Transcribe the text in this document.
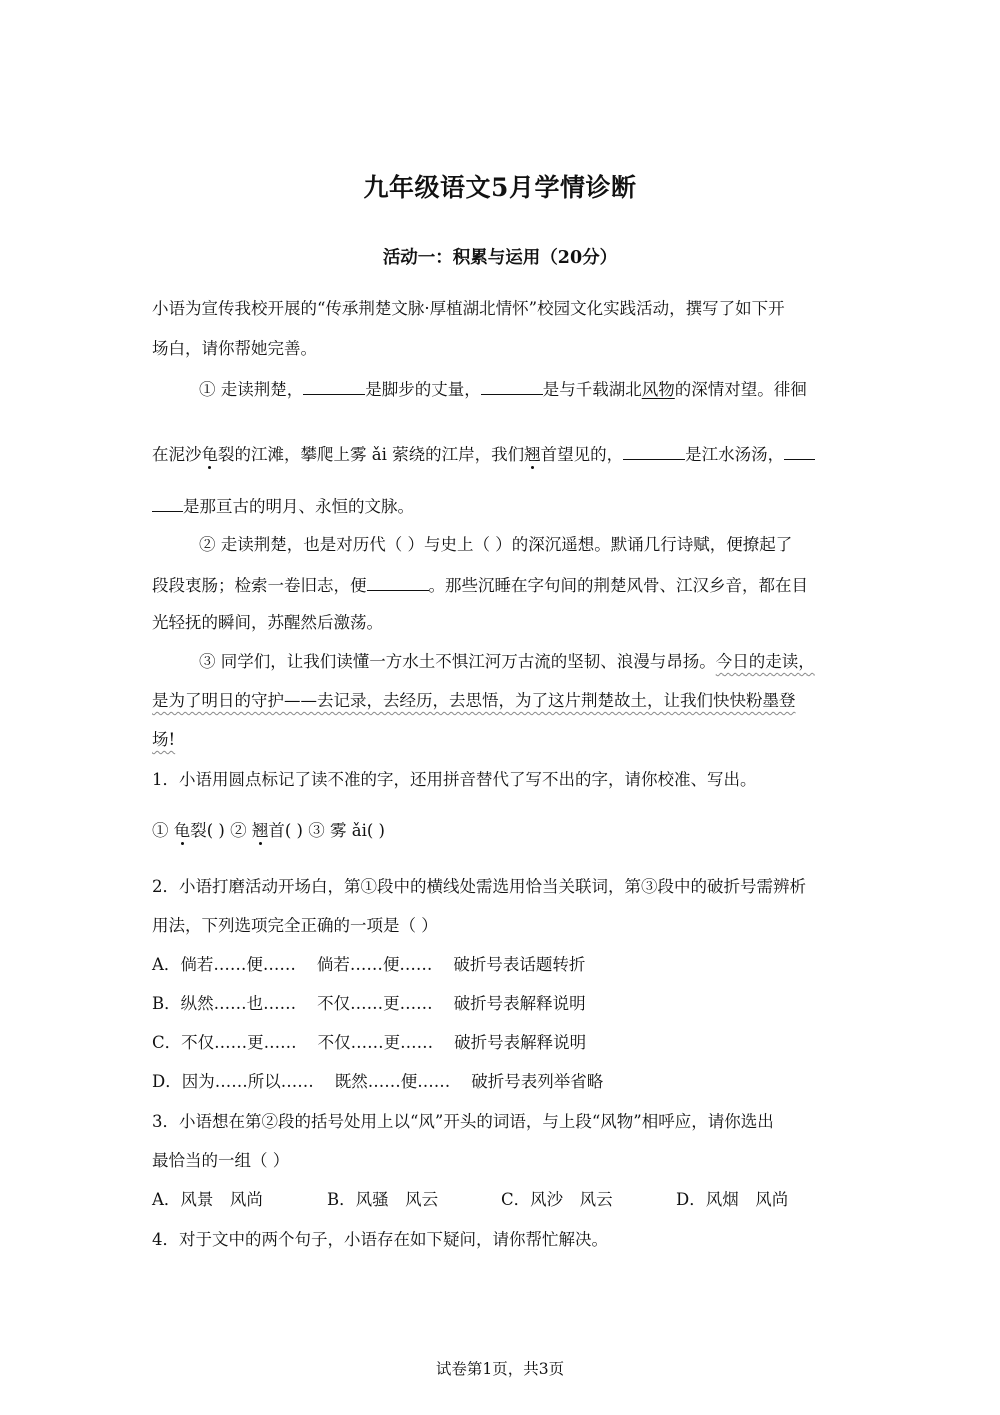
九年级语文5月学情诊断
活动一：积累与运用（20分）
小语为宣传我校开展的“传承荆楚文脉·厚植湖北情怀”校园文化实践活动，撰写了如下开
场白，请你帮她完善。
① 走读荆楚，	是脚步的丈量，	是与千载湖北风物的深情对望。徘徊
在泥沙龟裂的江滩，攀爬上雾 ǎi 萦绕的江岸，我们翘首望见的，	是江水汤汤，
是那亘古的明月、永恒的文脉。
② 走读荆楚，也是对历代（ ）与史上（ ）的深沉遥想。默诵几行诗赋，便撩起了
段段衷肠；检索一卷旧志，便	。那些沉睡在字句间的荆楚风骨、江汉乡音，都在目
光轻抚的瞬间，苏醒然后激荡。
③ 同学们，让我们读懂一方水土不惧江河万古流的坚韧、浪漫与昂扬。今日的走读，
是为了明日的守护——去记录，去经历，去思悟，为了这片荆楚故土，让我们快快粉墨登
场!
1．小语用圆点标记了读不准的字，还用拼音替代了写不出的字，请你校准、写出。
① 龟裂( ) ② 翘首( ) ③ 雾 ǎi( )
2．小语打磨活动开场白，第①段中的横线处需选用恰当关联词，第③段中的破折号需辨析
用法，下列选项完全正确的一项是（ ）
A．倘若……便……    倘若……便……    破折号表话题转折
B．纵然……也……    不仅……更……    破折号表解释说明
C．不仅……更……    不仅……更……    破折号表解释说明
D．因为……所以……    既然……便……    破折号表列举省略
3．小语想在第②段的括号处用上以“风”开头的词语，与上段“风物”相呼应，请你选出
最恰当的一组（ ）
A．风景　风尚	B．风骚　风云	C．风沙　风云	D．风烟　风尚
4．对于文中的两个句子，小语存在如下疑问，请你帮忙解决。
试卷第1页，共3页
